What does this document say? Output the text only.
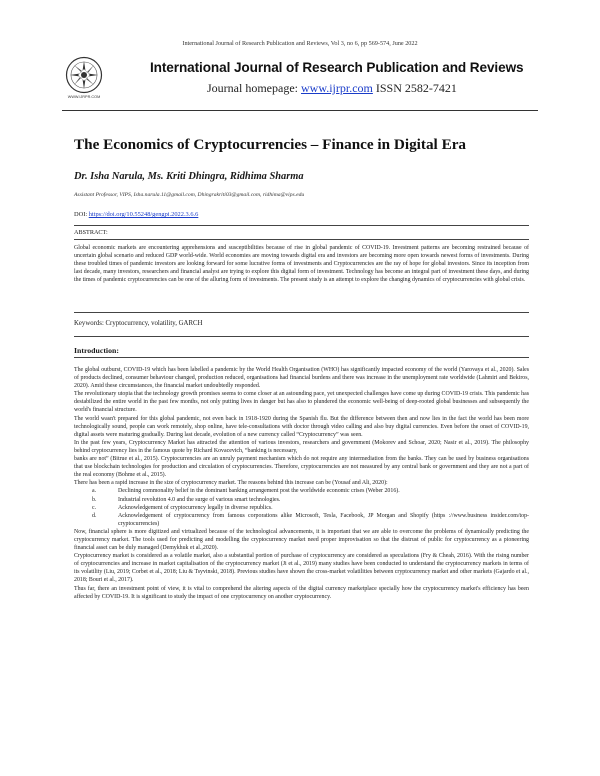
International Journal of Research Publication and Reviews, Vol 3, no 6, pp 569-574, June 2022
WWW.IJRPR.COM
International Journal of Research Publication and Reviews
Journal homepage: www.ijrpr.com ISSN 2582-7421
The Economics of Cryptocurrencies – Finance in Digital Era
Dr. Isha Narula, Ms. Kriti Dhingra, Ridhima Sharma
Assistant Professor, VIPS, Isha.narula.11@gmail.com, Dhingrakriti03@gmail.com, ridhima@vips.edu
DOI: https://doi.org/10.55248/gengpi.2022.3.6.6
ABSTRACT:

Global economic markets are encountering apprehensions and susceptibilities because of rise in global pandemic of COVID-19. Investment patterns are becoming restrained because of uncertain global scenario and reduced GDP world-wide. World economies are moving towards digital era and investors are becoming more open towards newest forms of investments. During these troubled times of pandemic investors are looking forward for some lucrative forms of investments and Cryptocurrencies are the ray of hope for global investors. Since its inception from last decade, many investors, researchers and financial analyst are trying to explore this digital form of investment. Technology has become an integral part of investment these days, and during the times of pandemic cryptocurrencies can be one of the alluring form of investments. The present study is an attempt to explore the changing dynamics of cryptocurrencies with global crisis.

Keywords: Cryptocurrency, volatility, GARCH
Introduction:

The global outburst, COVID-19 which has been labelled a pandemic by the World Health Organisation (WHO) has significantly impacted economy of the world (Yarovaya et al., 2020). Sales of products declined, consumer behaviour changed, production reduced, organisations had financial burdens and there was increase in the unemployment rate worldwide (Lahmiri and Bekiros, 2020). Amid these circumstances, the financial market undoubtedly responded.

The revolutionary utopia that the technology growth promises seems to come closer at an astounding pace, yet unexpected challenges have come up during COVID-19 crisis. This pandemic has destabilized the entire world in the past few months, not only putting lives in danger but has also to plundered the economic well-being of deep-rooted global businesses and subsequently the world's financial structure.

The world wasn't prepared for this global pandemic, not even back in 1918-1920 during the Spanish flu. But the difference between then and now lies in the fact the world has been more technologically sound, people can work remotely, shop online, have tele-consultations with doctor through video calling and also buy digital currencies. Even before the onset of COVID-19, digital assets were maturing gradually. During last decade, evolution of a new currency called “Cryptocurrency” was seen.

In the past few years, Cryptocurrency Market has attracted the attention of various investors, researchers and government (Mokorev and Schoar, 2020; Nasir et al., 2019). The philosophy behind cryptocurrency lies in the famous quote by Richard Kovacevich, “banking is necessary,

banks are not” (Bitrue et al., 2015). Cryptocurrencies are an unruly payment mechanism which do not require any intermediation from the banks. They can be used by business organisations that use blockchain technologies for production and circulation of cryptocurrencies. Therefore, cryptocurrencies are not measured by any central bank or government and they are not a part of the real economy (Bohme et al., 2015).

There has been a rapid increase in the size of cryptocurrency market. The reasons behind this increase can be (Yousaf and Ali, 2020):

a.	Declining commonality belief in the dominant banking arrangement post the worldwide economic crises (Weber 2016).
b.	Industrial revolution 4.0 and the surge of various smart technologies.
c.	Acknowledgement of cryptocurrency legally in diverse republics.
d.	Acknowledgement of cryptocurrency from famous corporations alike Microsoft, Tesla, Facebook, JP Morgan and Shopify (https ://www.business insider.com/top-cryptocurrencies)

Now, financial sphere is more digitized and virtualized because of the technological advancements, it is important that we are able to overcome the problems of dynamically predicting the cryptocurrency market. The tools used for predicting and modelling the cryptocurrency market need proper improvisation so that the distrust of public for cryptocurrency as a pioneering financial asset can be duly managed (Demykhuk et al.,2020).

Cryptocurrency market is considered as a volatile market, also a substantial portion of purchase of cryptocurrency are considered as speculations (Fry & Cheah, 2016). With the rising number of cryptocurrencies and increase in market capitalisation of the cryptocurrency market (Ji et al., 2019) many studies have been conducted to understand the cryptocurrency markets in terms of its volatility (Liu, 2019; Corbet et al., 2018; Liu & Tsyvinski, 2018). Previous studies have shown the cross-market volatilities between cryptocurrency market and other markets (Gajardo et al., 2018; Bouri et al., 2017).

Thus far, there an investment point of view, it is vital to comprehend the altering aspects of the digital currency marketplace specially how the cryptocurrency market's efficiency has been affected by COVID-19. It is significant to study the impact of one cryptocurrency on another cryptocurrency.
